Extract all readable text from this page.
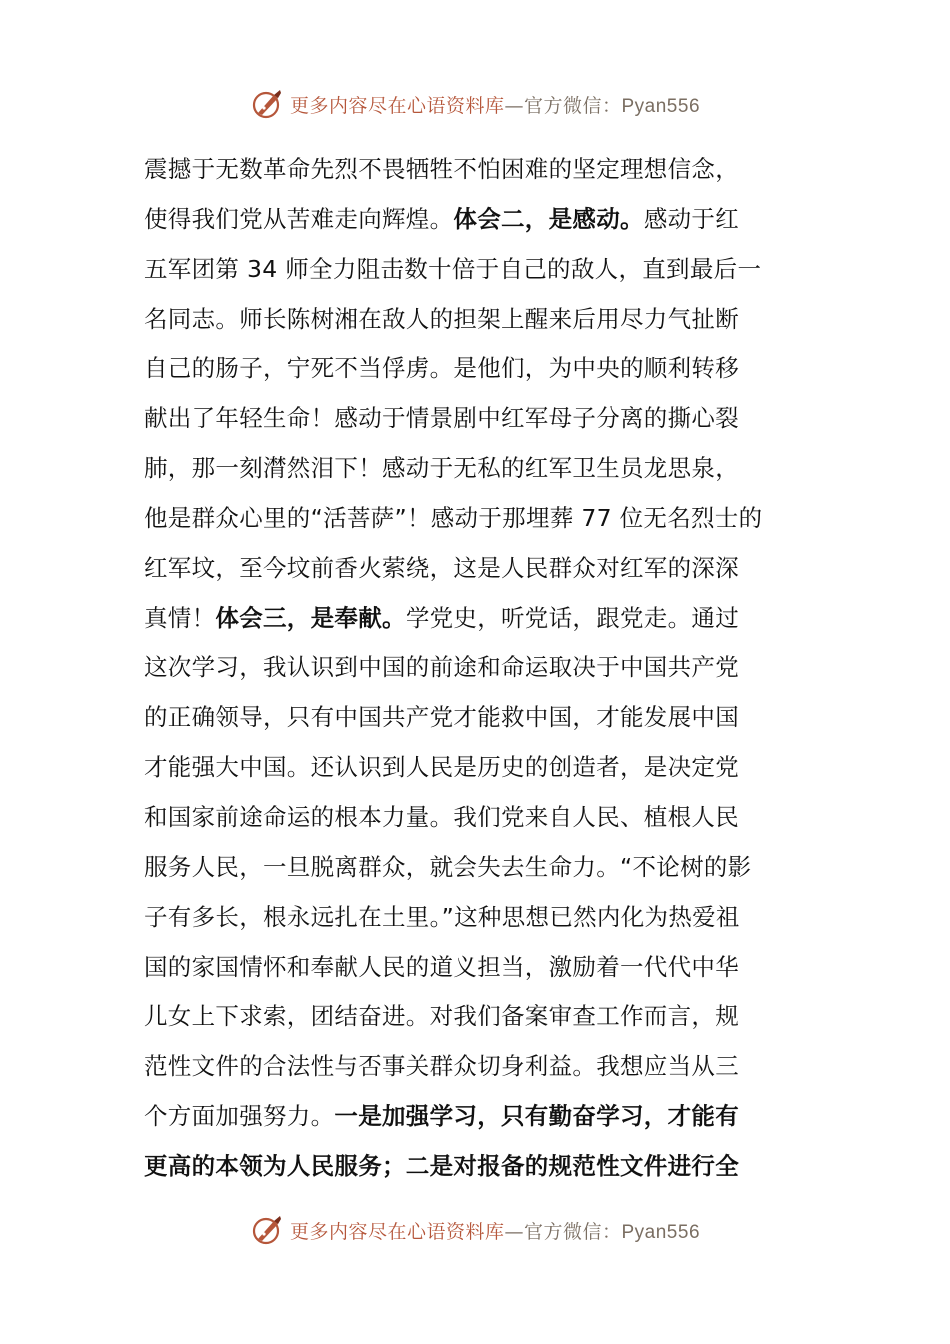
更多内容尽在心语资料库—官方微信：Pyan556
震撼于无数革命先烈不畏牺牲不怕困难的坚定理想信念，
使得我们党从苦难走向辉煌。体会二，是感动。感动于红
五军团第 34 师全力阻击数十倍于自己的敌人，直到最后一
名同志。师长陈树湘在敌人的担架上醒来后用尽力气扯断
自己的肠子，宁死不当俘虏。是他们，为中央的顺利转移
献出了年轻生命！感动于情景剧中红军母子分离的撕心裂
肺，那一刻潸然泪下！感动于无私的红军卫生员龙思泉，
他是群众心里的“活菩萨”！感动于那埋葬 77 位无名烈士的
红军坟，至今坟前香火萦绕，这是人民群众对红军的深深
真情！体会三，是奉献。学党史，听党话，跟党走。通过
这次学习，我认识到中国的前途和命运取决于中国共产党
的正确领导，只有中国共产党才能救中国，才能发展中国
才能强大中国。还认识到人民是历史的创造者，是决定党
和国家前途命运的根本力量。我们党来自人民、植根人民
服务人民，一旦脱离群众，就会失去生命力。“不论树的影
子有多长，根永远扎在土里。”这种思想已然内化为热爱祖
国的家国情怀和奉献人民的道义担当，激励着一代代中华
儿女上下求索，团结奋进。对我们备案审查工作而言，规
范性文件的合法性与否事关群众切身利益。我想应当从三
个方面加强努力。一是加强学习，只有勤奋学习，才能有
更高的本领为人民服务；二是对报备的规范性文件进行全
更多内容尽在心语资料库—官方微信：Pyan556
